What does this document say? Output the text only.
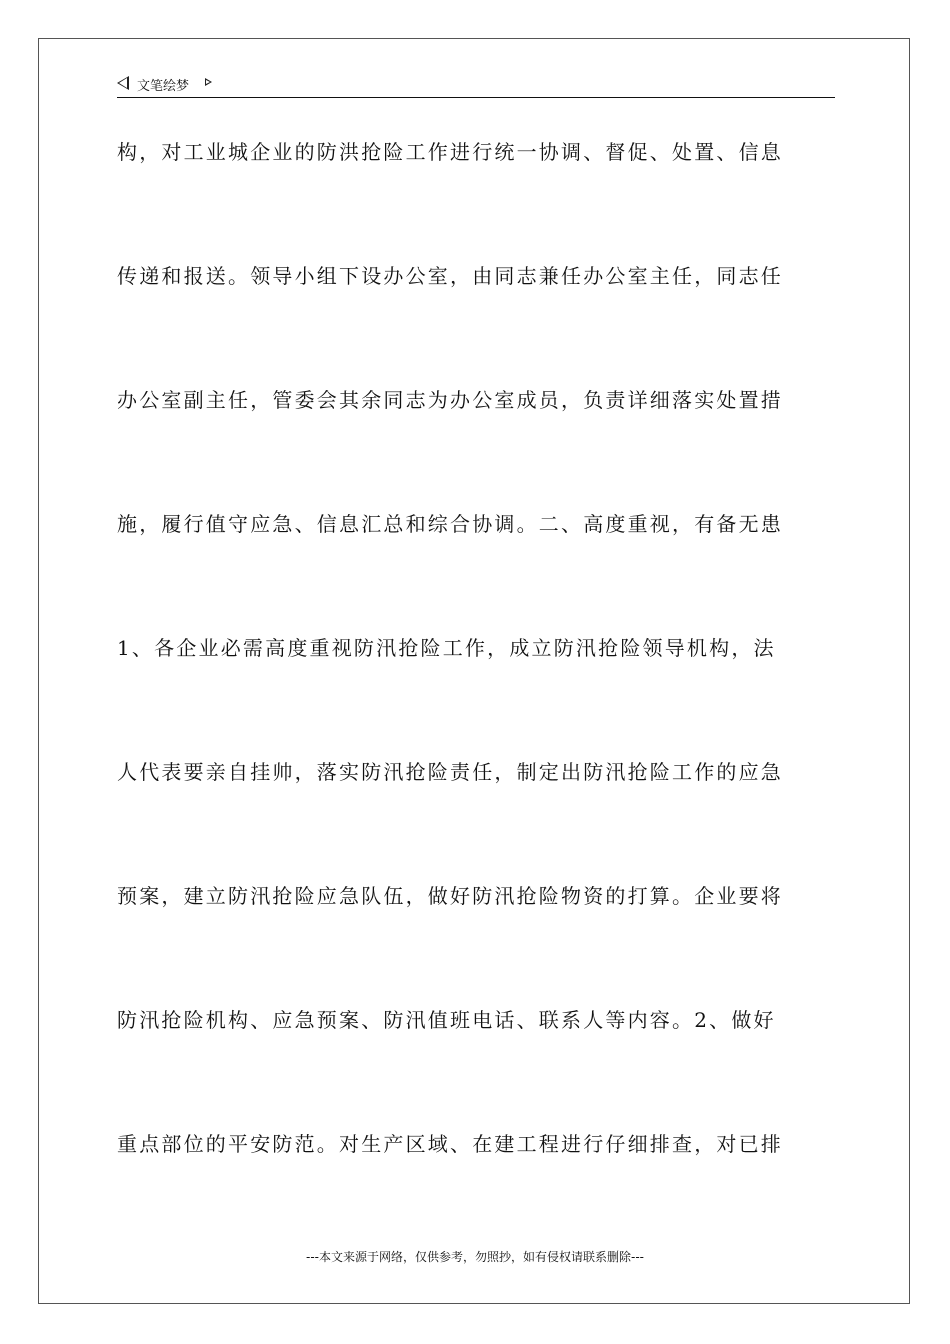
文笔绘梦
构，对工业城企业的防洪抢险工作进行统一协调、督促、处置、信息
传递和报送。领导小组下设办公室，由同志兼任办公室主任，同志任
办公室副主任，管委会其余同志为办公室成员，负责详细落实处置措
施，履行值守应急、信息汇总和综合协调。二、高度重视，有备无患
1、各企业必需高度重视防汛抢险工作，成立防汛抢险领导机构，法
人代表要亲自挂帅，落实防汛抢险责任，制定出防汛抢险工作的应急
预案，建立防汛抢险应急队伍，做好防汛抢险物资的打算。企业要将
防汛抢险机构、应急预案、防汛值班电话、联系人等内容。2、做好
重点部位的平安防范。对生产区域、在建工程进行仔细排查，对已排
---本文来源于网络，仅供参考，勿照抄，如有侵权请联系删除---
